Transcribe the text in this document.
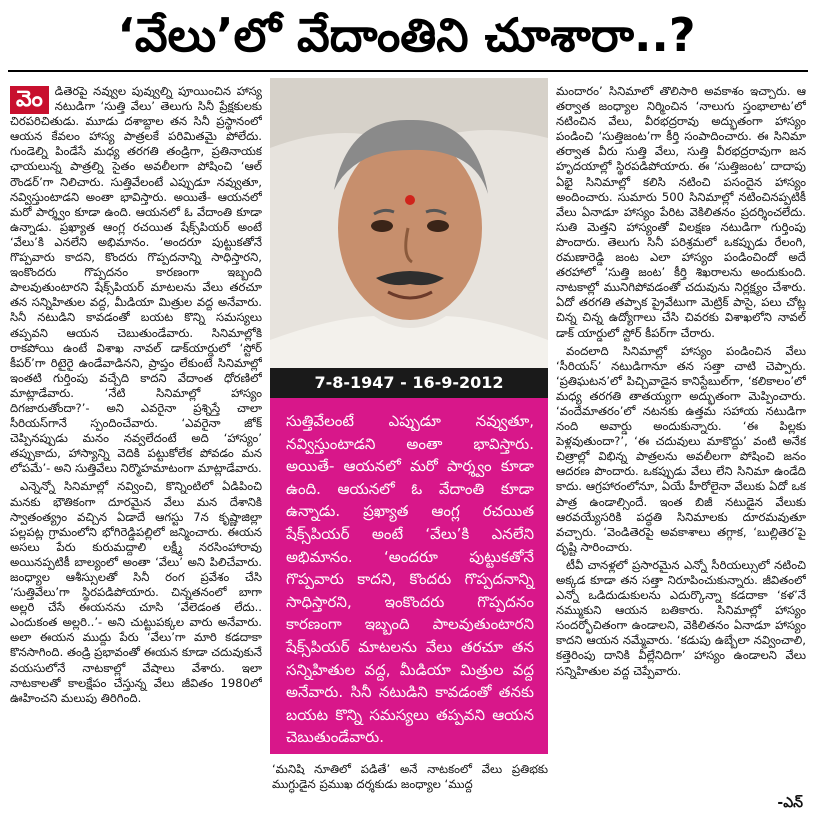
‘వేలు’లో వేదాంతిని చూశారా..?

వెం	డితెరపై నవ్వుల పువ్వుల్ని పూయించిన హాస్య నటుడిగా ‘సుత్తి వేలు’ తెలుగు సినీ ప్రేక్షకులకు చిరపరిచితుడు. మూడు దశాబ్దాల తన సినీ ప్రస్థానంలో ఆయన కేవలం హాస్య పాత్రలకే పరిమితమై పోలేదు. గుండెల్ని పిండేసే మధ్య తరగతి తండ్రిగా, ప్రతినాయక ఛాయలున్న పాత్రల్ని సైతం అవలీలగా పోషించి ‘ఆల్ రౌండర్’గా నిలిచారు. సుత్తివేలంటే ఎప్పుడూ నవ్వుతూ, నవ్విస్తుంటాడని అంతా భావిస్తారు. అయితే- ఆయనలో మరో పార్శ్వం కూడా ఉంది. ఆయనలో ఓ వేదాంతి కూడా ఉన్నాడు. ప్రఖ్యాత ఆంగ్ల రచయిత షేక్స్‌పియర్ అంటే ‘వేలు’కి ఎనలేని అభిమానం. ‘అందరూ పుట్టుకతోనే గొప్పవారు కాదని, కొందరు గొప్పదనాన్ని సాధిస్తారని, ఇంకొందరు గొప్పదనం కారణంగా ఇబ్బంది పాలవుతుంటారని షేక్స్‌పియర్ మాటలను వేలు తరచూ తన సన్నిహితుల వద్ద, మీడియా మిత్రుల వద్ద అనేవారు. సినీ నటుడిని కావడంతో బయట కొన్ని సమస్యలు తప్పవని ఆయన చెబుతుండేవారు. సినిమాల్లోకి రాకపోయి ఉంటే విశాఖ నావల్ డాక్‌యార్డులో ‘స్టోర్ కీపర్’గా రిటైరై ఉండేవాడినని, ప్రాప్తం లేకుంటే సినిమాల్లో ఇంతటి గుర్తింపు వచ్చేది కాదని వేదాంత ధోరణిలో మాట్లాడేవారు. ‘నేటి సినిమాల్లో హాస్యం దిగజారుతోందా?’- అని ఎవరైనా ప్రశ్నిస్తే చాలా సీరియస్‌గానే స్పందించేవారు. ‘ఎవరైనా జోక్ చెప్పినప్పుడు మనం నవ్వలేదంటే అది ‘హాస్యం’ తప్పుకాదు, హాస్యాన్ని వెదికి పట్టుకోలేక పోవడం మన లోపమే’- అని సుత్తివేలు నిర్మొహమాటంగా మాట్లాడేవారు.

ఎన్నెన్నో సినిమాల్లో నవ్వించి, కొన్నింటిలో ఏడిపించి మనకు భౌతికంగా దూరమైన వేలు మన దేశానికి స్వాతంత్య్రం వచ్చిన ఏడాదే ఆగస్టు 7న కృష్ణాజిల్లా పల్లపట్ల గ్రామంలోని భోగిరెడ్డిపల్లిలో జన్మించారు. ఈయన అసలు పేరు కురుమద్దాలి లక్ష్మీ నరసింహారావు అయినప్పటికీ బాల్యంలో అంతా ‘వేలు’ అని పిలిచేవారు. జంధ్యాల ఆశీస్సులతో సినీ రంగ ప్రవేశం చేసి ‘సుత్తివేలు’గా స్థిరపడిపోయారు. చిన్నతనంలో బాగా అల్లరి చేసే ఈయనను చూసి ‘వేలెడంత లేదు.. ఎందుకంత అల్లరి..’- అని చుట్టుపక్కల వారు అనేవారు. అలా ఈయన ముద్దు పేరు ‘వేలు’గా మారి కడదాకా కొనసాగింది. తండ్రి ప్రభావంతో ఈయన కూడా చదువుకునే వయసులోనే నాటకాల్లో వేషాలు వేశారు. ఇలా నాటకాలతో కాలక్షేపం చేస్తున్న వేలు జీవితం 1980లో ఊహించని మలుపు తిరిగింది.

7-8-1947 - 16-9-2012
సుత్తివేలంటే ఎప్పుడూ నవ్వుతూ, నవ్విస్తుంటాడని అంతా భావిస్తారు. అయితే- ఆయనలో మరో పార్శ్వం కూడా ఉంది. ఆయనలో ఓ వేదాంతి కూడా ఉన్నాడు. ప్రఖ్యాత ఆంగ్ల రచయిత షేక్స్‌పియర్ అంటే ‘వేలు’కి ఎనలేని అభిమానం. ‘అందరూ పుట్టుకతోనే గొప్పవారు కాదని, కొందరు గొప్పదనాన్ని సాధిస్తారని, ఇంకొందరు గొప్పదనం కారణంగా ఇబ్బంది పాలవుతుంటారని షేక్స్‌పియర్ మాటలను వేలు తరచూ తన సన్నిహితుల వద్ద, మీడియా మిత్రుల వద్ద అనేవారు. సినీ నటుడిని కావడంతో తనకు బయట కొన్ని సమస్యలు తప్పవని ఆయన చెబుతుండేవారు.
‘మనిషి నూతిలో పడితే’ అనే నాటకంలో వేలు ప్రతిభకు ముగ్ధుడైన ప్రముఖ దర్శకుడు జంధ్యాల ‘ముద్ద

మందారం’ సినిమాలో తొలిసారి అవకాశం ఇచ్చారు. ఆ తర్వాత జంధ్యాల నిర్మించిన ‘నాలుగు స్తంభాలాట’లో నటించిన వేలు, వీరభద్రరావు అద్భుతంగా హాస్యం పండించి ‘సుత్తిజంట’గా కీర్తి సంపాదించారు. ఈ సినిమా తర్వాత వీరు సుత్తి వేలు, సుత్తి వీరభద్రరావుగా జన హృదయాల్లో స్థిరపడిపోయారు. ఈ ‘సుత్తిజంట’ దాదాపు ఏభై సినిమాల్లో కలిసి నటించి పసందైన హాస్యం అందించారు. సుమారు 500 సినిమాల్లో నటించినప్పటికీ వేలు ఏనాడూ హాస్యం పేరిట వెకిలితనం ప్రదర్శించలేదు. సుతి మెత్తని హాస్యంతో విలక్షణ నటుడిగా గుర్తింపు పొందారు. తెలుగు సినీ పరిశ్రమలో ఒకప్పుడు రేలంగి, రమణారెడ్డి జంట ఎలా హాస్యం పండించిందో అదే తరహాలో ‘సుత్తి జంట’ కీర్తి శిఖరాలను అందుకుంది. నాటకాల్లో మునిగిపోవడంతో చదువును నిర్లక్ష్యం చేశారు. ఏదో తరగతి తప్పాక ప్రైవేటుగా మెట్రిక్ పాసై, పలు చోట్ల చిన్న చిన్న ఉద్యోగాలు చేసి చివరకు విశాఖలోని నావల్ డాక్ యార్డులో స్టోర్ కీపర్‌గా చేరారు.

వందలాది సినిమాల్లో హాస్యం పండించిన వేలు ‘సీరియస్’ నటుడిగానూ తన సత్తా చాటి చెప్పారు. ‘ప్రతిఘటన’లో పిచ్చివాడైన కానిస్టేబుల్‌గా, ‘కలికాలం’లో మధ్య తరగతి తాతయ్యగా అద్భుతంగా మెప్పించారు. ‘వందేమాతరం’లో నటనకు ఉత్తమ సహాయ నటుడిగా నంది అవార్డు అందుకున్నారు. ‘ఈ పిల్లకు పెళ్లవుతుందా?’, ‘ఈ చదువులు మాకొద్దు’ వంటి అనేక చిత్రాల్లో విభిన్న పాత్రలను అవలీలగా పోషించి జనం ఆదరణ పొందారు. ఒకప్పుడు వేలు లేని సినిమా ఉండేది కాదు. ఆగ్రహారంలోనూ, ఏయే హీరోలైనా వేలుకు ఏదో ఒక పాత్ర ఉండాల్సిందే. ఇంత బిజీ నటుడైన వేలుకు ఆరవయ్యేసరికి పద్ధతి సినిమాలకు దూరమవుతూ వచ్చారు. ‘వెండితెరపై అవకాశాలు తగ్గాక, ‘బుల్లితెర’పై దృష్టి సారించారు.

టీవీ చానళ్లలో ప్రసారమైన ఎన్నో సీరియల్సులో నటించి అక్కడ కూడా తన సత్తా నిరూపించుకున్నారు. జీవితంలో ఎన్నో ఒడిదుడుకులను ఎదుర్కొన్నా కడదాకా ‘కళ’నే నమ్ముకుని ఆయన బతికారు. సినిమాల్లో హాస్యం సందర్భోచితంగా ఉండాలని, వెకిలితనం ఏనాడూ హాస్యం కాదని ఆయన నమ్మేవారు. ‘కడుపు ఉబ్బేలా నవ్వించాలి, కత్తెరింపు దానికి వీల్లేనిదిగా’ హాస్యం ఉండాలని వేలు సన్నిహితుల వద్ద చెప్పేవారు.

-ఎన్
